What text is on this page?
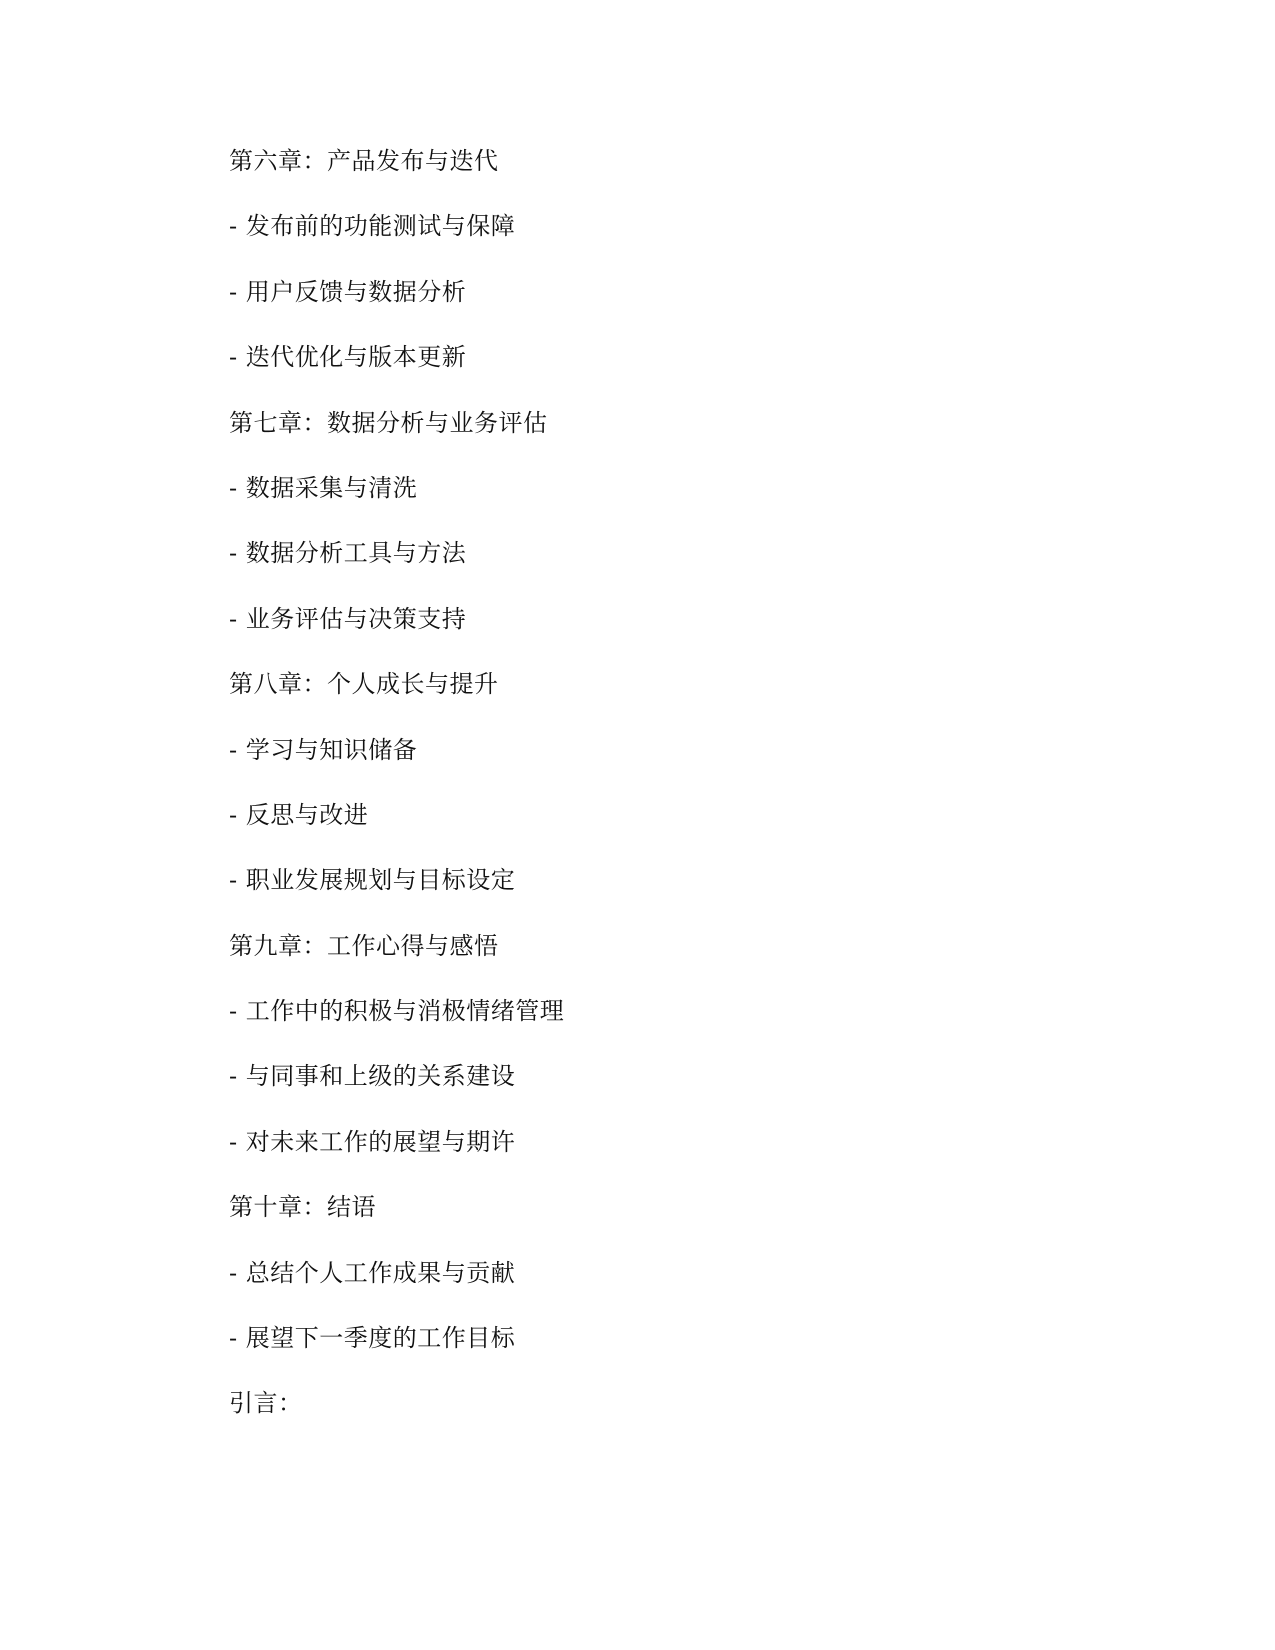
第六章：产品发布与迭代
- 发布前的功能测试与保障
- 用户反馈与数据分析
- 迭代优化与版本更新
第七章：数据分析与业务评估
- 数据采集与清洗
- 数据分析工具与方法
- 业务评估与决策支持
第八章：个人成长与提升
- 学习与知识储备
- 反思与改进
- 职业发展规划与目标设定
第九章：工作心得与感悟
- 工作中的积极与消极情绪管理
- 与同事和上级的关系建设
- 对未来工作的展望与期许
第十章：结语
- 总结个人工作成果与贡献
- 展望下一季度的工作目标
引言：
